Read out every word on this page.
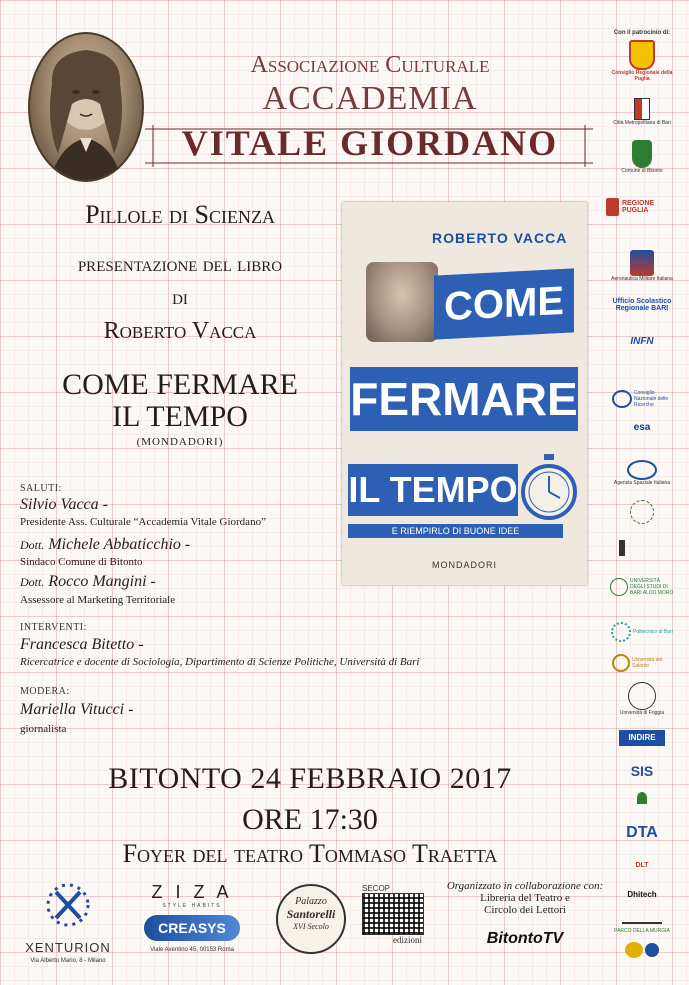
Associazione Culturale
ACCADEMIA
VITALE GIORDANO
Pillole di Scienza
presentazione del libro
di
Roberto Vacca
COME FERMARE
IL TEMPO
(MONDADORI)
SALUTI:
Silvio Vacca -
Presidente Ass. Culturale “Accademia Vitale Giordano”
Dott. Michele Abbaticchio -
Sindaco Comune di Bitonto
Dott. Rocco Mangini -
Assessore al Marketing Territoriale
INTERVENTI:
Francesca Bitetto -
Ricercatrice e docente di Sociologia, Dipartimento di Scienze Politiche, Università di Bari
MODERA:
Mariella Vitucci -
giornalista
ROBERTO VACCA
COME
FERMARE
IL TEMPO
E RIEMPIRLO DI BUONE IDEE
MONDADORI
Con il patrocinio di:
Consiglio Regionale della Puglia
Città Metropolitana di Bari
Comune di Bitonto
REGIONE PUGLIA
Aeronautica Militare Italiana
Ufficio Scolastico Regionale BARI
INFN
Consiglio Nazionale delle Ricerche
esa
Agenzia Spaziale Italiana
UNIVERSITÀ DEGLI STUDI DI BARI ALDO MORO
Politecnico di Bari
Università del Salento
Università di Foggia
INDIRE
SIS
DTA
DLT
Dhitech
PARCO DELLA MURGIA
BITONTO 24 FEBBRAIO 2017
ORE 17:30
Foyer del teatro Tommaso Traetta
XENTURION
Via Alberto Mario, 8 - Milano
Z I Z A
STYLE HABITS
CREASYS
Viale Aventino 45, 00153 Roma
Palazzo
Santorelli
XVI Secolo
SECOP
edizioni
Organizzato in collaborazione con:
Libreria del Teatro e
Circolo dei Lettori
BitontoTV
